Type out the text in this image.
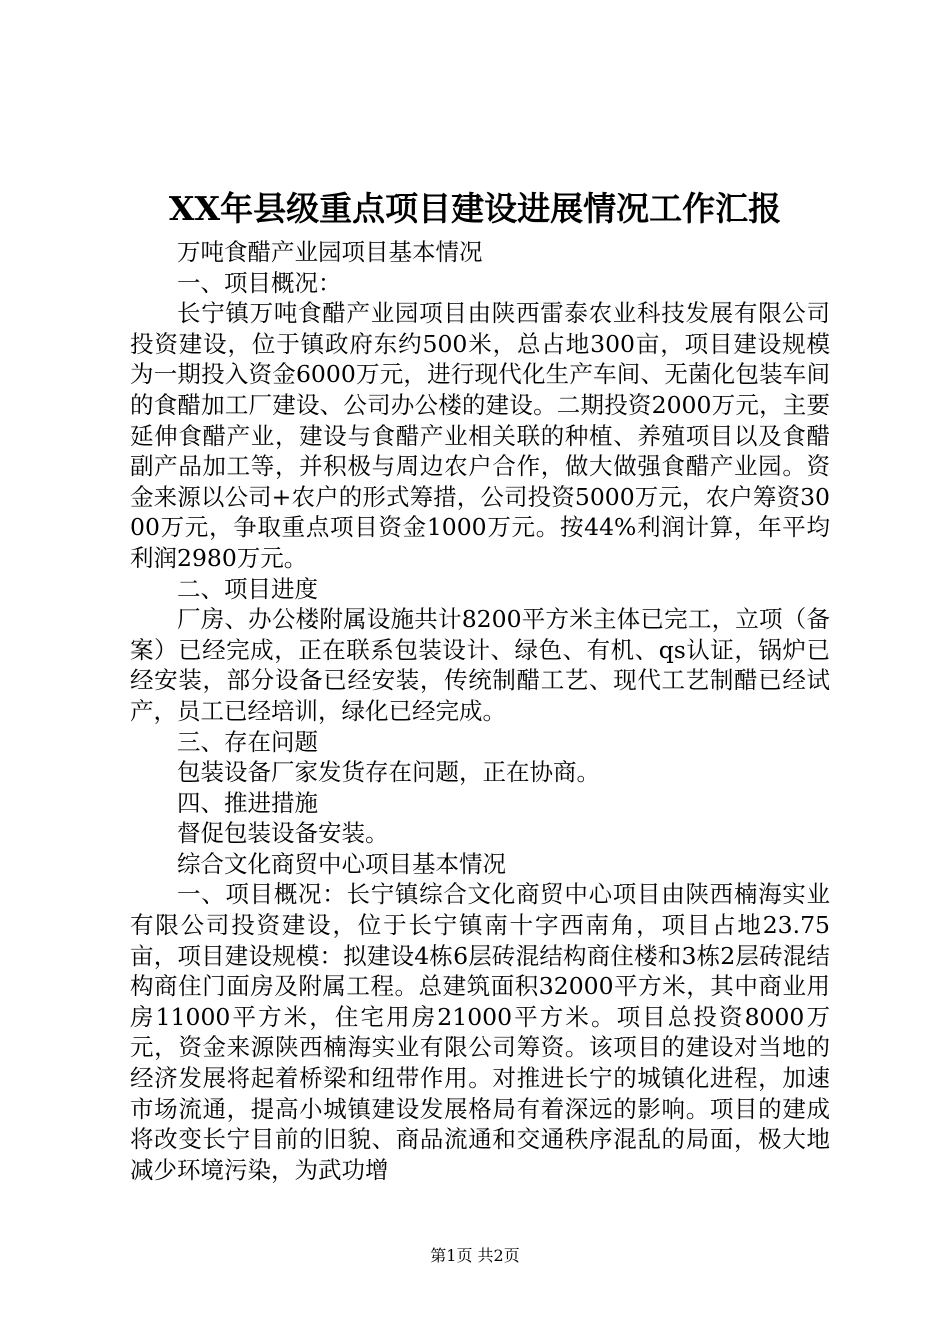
XX年县级重点项目建设进展情况工作汇报

万吨食醋产业园项目基本情况

一、项目概况：

长宁镇万吨食醋产业园项目由陕西雷泰农业科技发展有限公司投资建设，位于镇政府东约500米，总占地300亩，项目建设规模为一期投入资金6000万元，进行现代化生产车间、无菌化包装车间的食醋加工厂建设、公司办公楼的建设。二期投资2000万元，主要延伸食醋产业，建设与食醋产业相关联的种植、养殖项目以及食醋副产品加工等，并积极与周边农户合作，做大做强食醋产业园。资金来源以公司+农户的形式筹措，公司投资5000万元，农户筹资3000万元，争取重点项目资金1000万元。按44%利润计算，年平均利润2980万元。

二、项目进度

厂房、办公楼附属设施共计8200平方米主体已完工，立项（备案）已经完成，正在联系包装设计、绿色、有机、qs认证，锅炉已经安装，部分设备已经安装，传统制醋工艺、现代工艺制醋已经试产，员工已经培训，绿化已经完成。

三、存在问题

包装设备厂家发货存在问题，正在协商。

四、推进措施

督促包装设备安装。

综合文化商贸中心项目基本情况

一、项目概况：长宁镇综合文化商贸中心项目由陕西楠海实业有限公司投资建设，位于长宁镇南十字西南角，项目占地23.75亩，项目建设规模：拟建设4栋6层砖混结构商住楼和3栋2层砖混结构商住门面房及附属工程。总建筑面积32000平方米，其中商业用房11000平方米，住宅用房21000平方米。项目总投资8000万元，资金来源陕西楠海实业有限公司筹资。该项目的建设对当地的经济发展将起着桥梁和纽带作用。对推进长宁的城镇化进程，加速市场流通，提高小城镇建设发展格局有着深远的影响。项目的建成将改变长宁目前的旧貌、商品流通和交通秩序混乱的局面，极大地减少环境污染，为武功增

第1页 共2页
